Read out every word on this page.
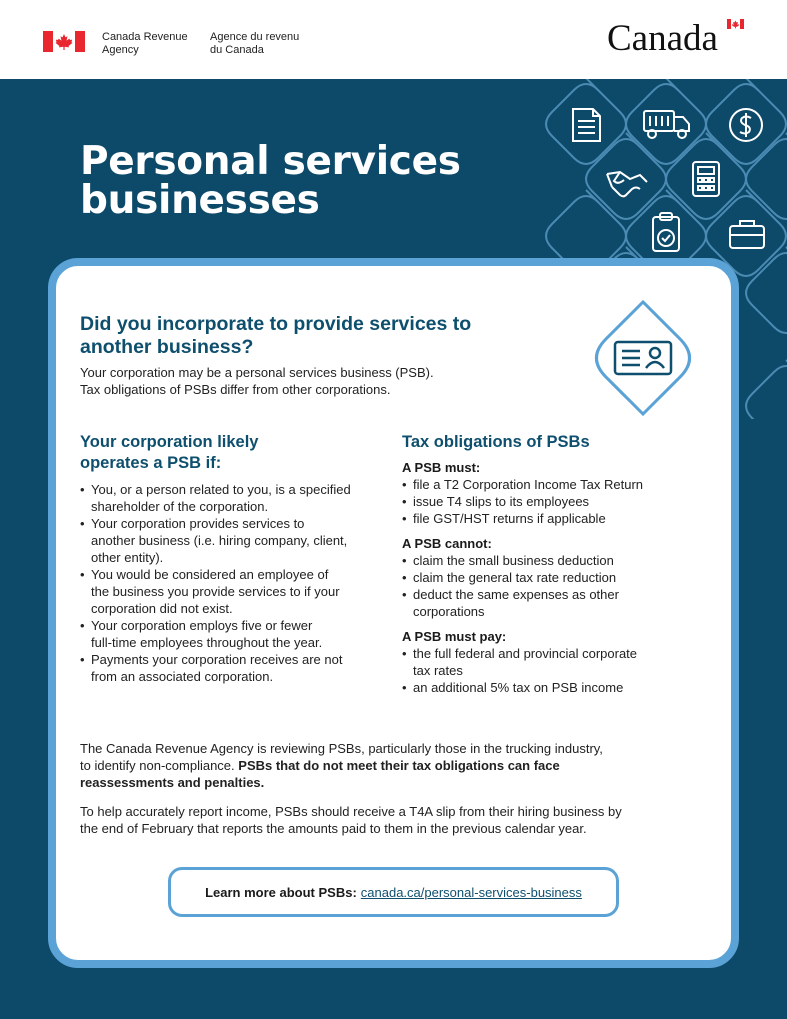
Canada Revenue
Agency
Agence du revenu
du Canada	Canada
Personal services
businesses
Did you incorporate to provide services to
another business?
Your corporation may be a personal services business (PSB).
Tax obligations of PSBs differ from other corporations.
Your corporation likely
operates a PSB if:
• You, or a person related to you, is a specified
shareholder of the corporation.
• Your corporation provides services to
another business (i.e. hiring company, client,
other entity).
• You would be considered an employee of
the business you provide services to if your
corporation did not exist.
• Your corporation employs five or fewer
full-time employees throughout the year.
• Payments your corporation receives are not
from an associated corporation.
Tax obligations of PSBs
A PSB must:
• file a T2 Corporation Income Tax Return
• issue T4 slips to its employees
• file GST/HST returns if applicable
A PSB cannot:
• claim the small business deduction
• claim the general tax rate reduction
• deduct the same expenses as other
corporations
A PSB must pay:
• the full federal and provincial corporate
tax rates
• an additional 5% tax on PSB income
The Canada Revenue Agency is reviewing PSBs, particularly those in the trucking industry,
to identify non-compliance. PSBs that do not meet their tax obligations can face
reassessments and penalties.
To help accurately report income, PSBs should receive a T4A slip from their hiring business by
the end of February that reports the amounts paid to them in the previous calendar year.
Learn more about PSBs: canada.ca/personal-services-business
